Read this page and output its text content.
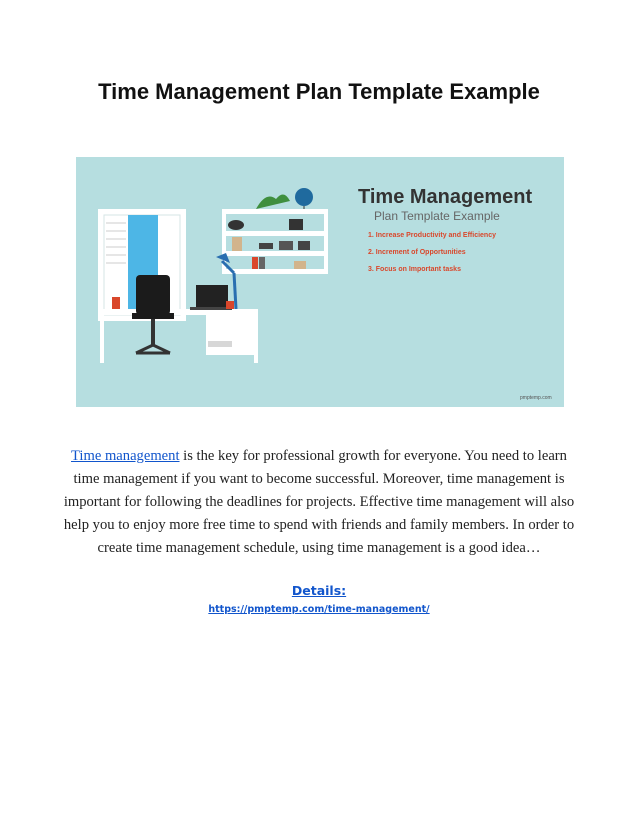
Time Management Plan Template Example
Time Management
Plan Template Example
1. Increase Productivity and Efficiency
2. Increment of Opportunities
3. Focus on Important tasks
pmptemp.com
Time management is the key for professional growth for everyone. You need to learn time management if you want to become successful. Moreover, time management is important for following the deadlines for projects. Effective time management will also help you to enjoy more free time to spend with friends and family members. In order to create time management schedule, using time management is a good idea…
Details:
https://pmptemp.com/time-management/
